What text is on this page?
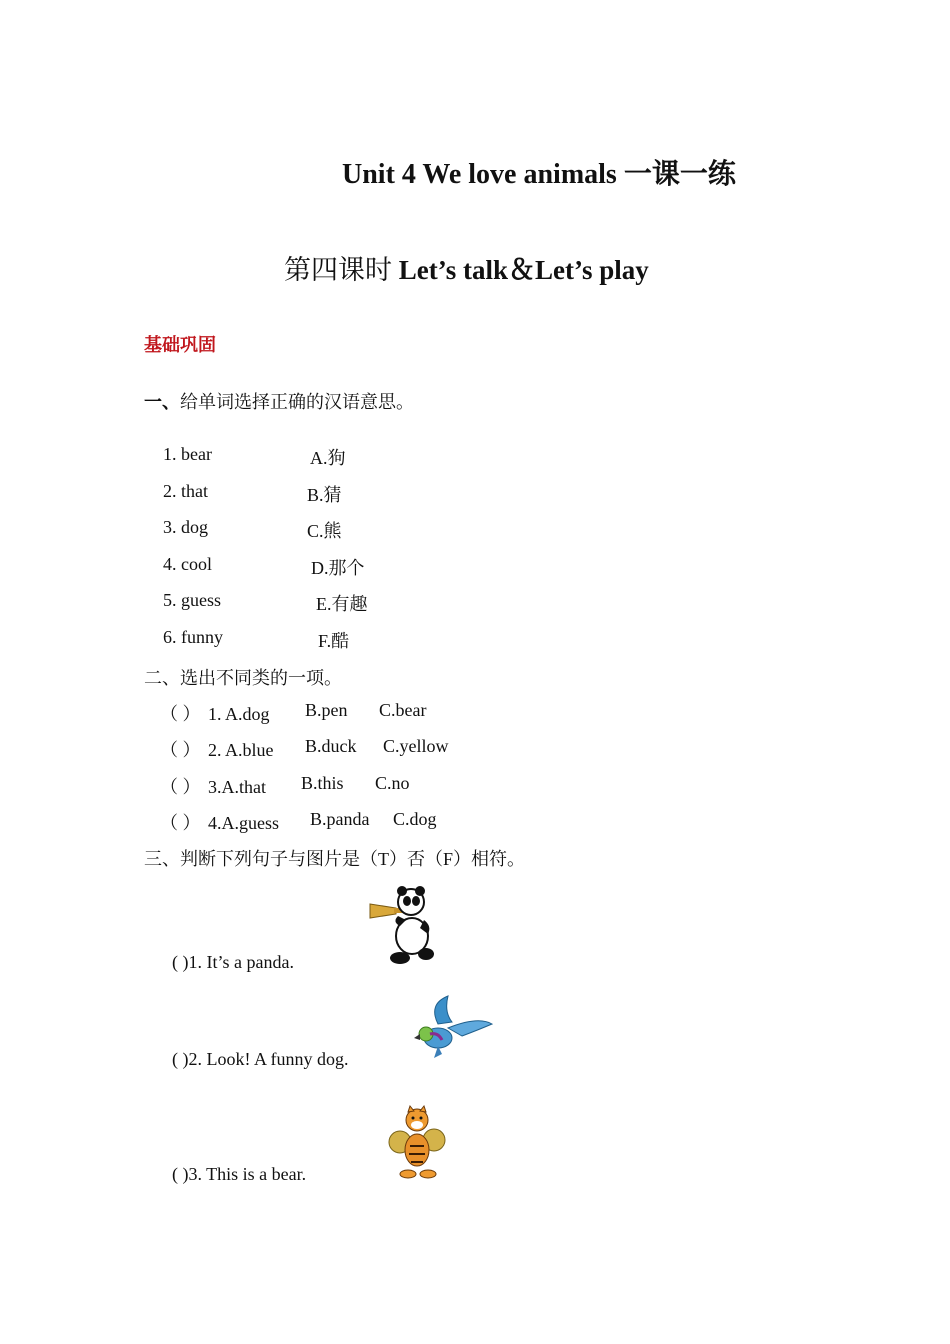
Unit 4 We love animals 一课一练
第四课时 Let’s talk＆Let’s play
基础巩固
一、给单词选择正确的汉语意思。
1. bear
2. that
3. dog
4. cool
5. guess
6. funny
A.狗
B.猜
C.熊
D.那个
E.有趣
F.酷
二、选出不同类的一项。
（ ） 1. A.dog B.pen C.bear
（ ） 2. A.blue B.duck C.yellow
（ ） 3.A.that B.this C.no
（ ） 4.A.guess B.panda C.dog
三、判断下列句子与图片是（T）否（F）相符。
( )1. It’s a panda.
( )2. Look! A funny dog.
( )3. This is a bear.
